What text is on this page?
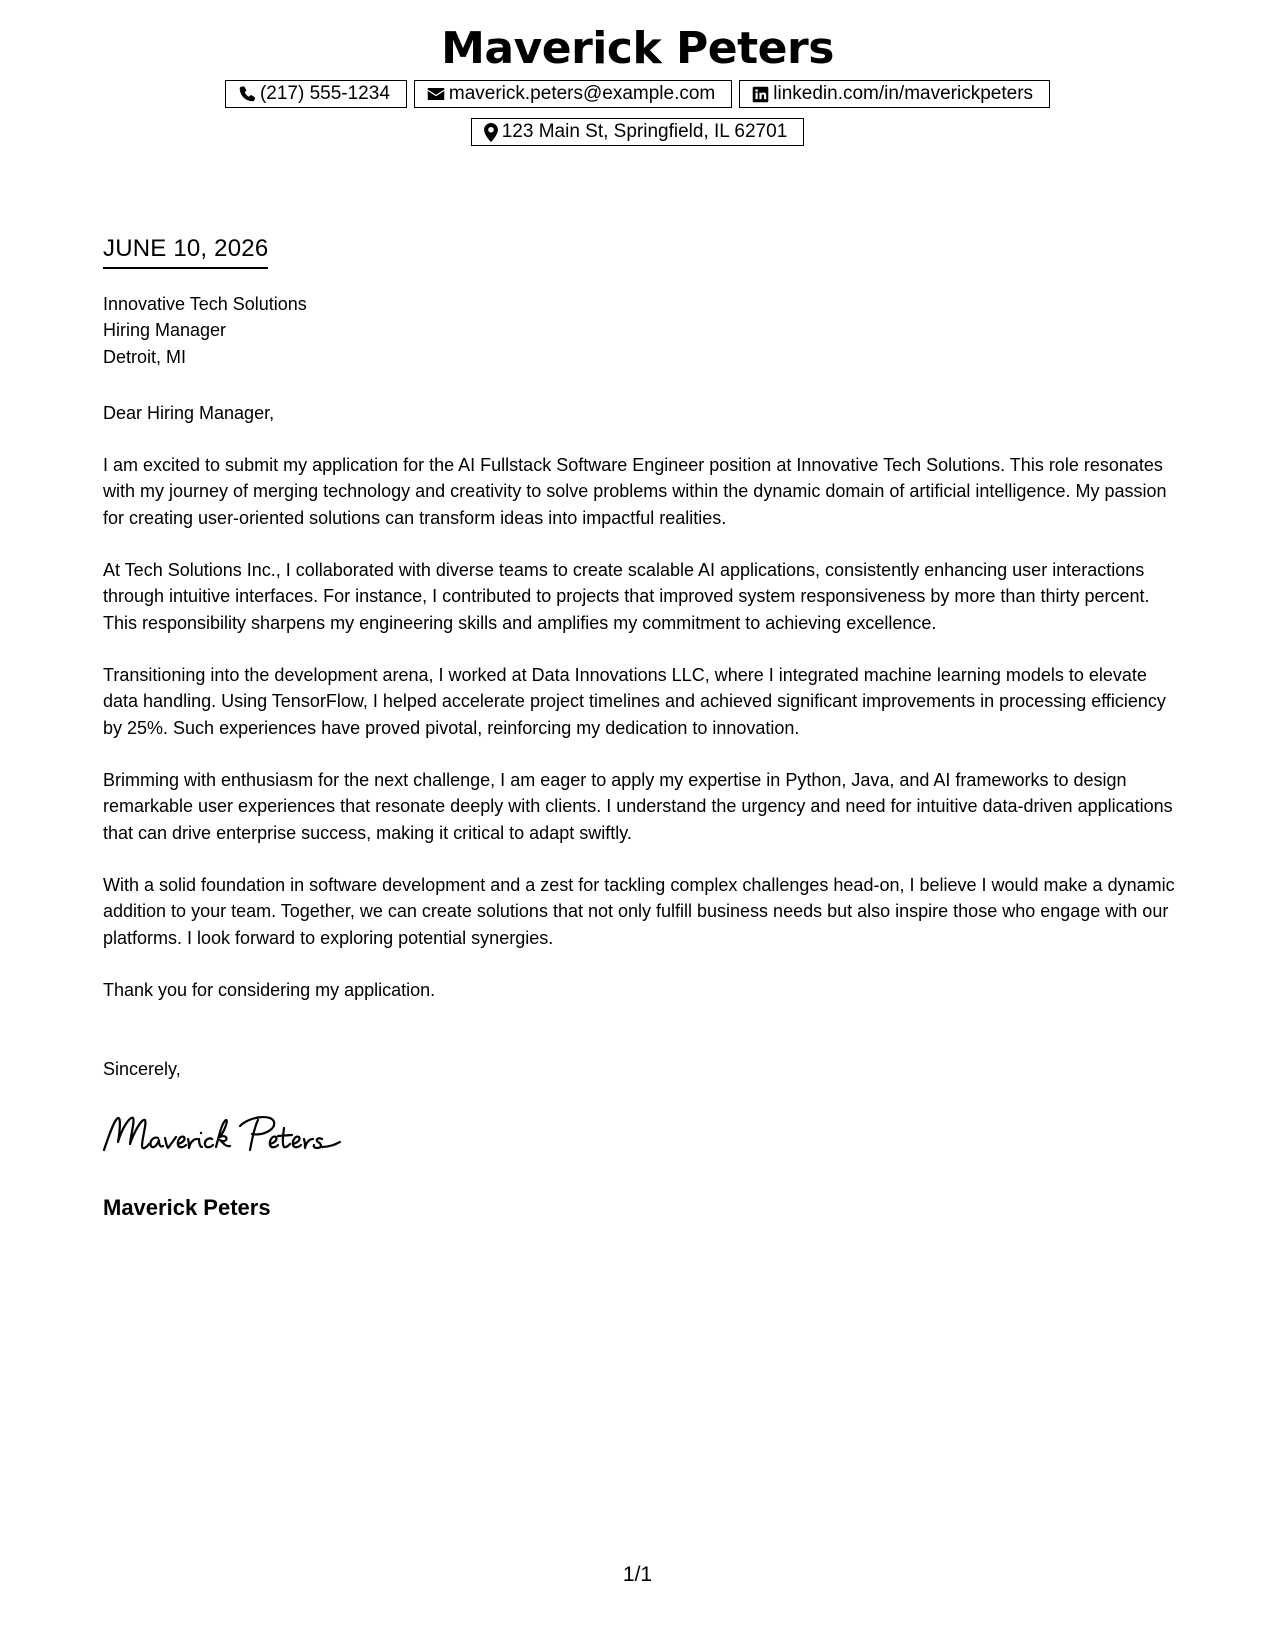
Maverick Peters
(217) 555-1234	maverick.peters@example.com	linkedin.com/in/maverickpeters
123 Main St, Springfield, IL 62701
JUNE 10, 2026
Innovative Tech Solutions
Hiring Manager
Detroit, MI
Dear Hiring Manager,

I am excited to submit my application for the AI Fullstack Software Engineer position at Innovative Tech Solutions. This role resonates with my journey of merging technology and creativity to solve problems within the dynamic domain of artificial intelligence. My passion for creating user-oriented solutions can transform ideas into impactful realities.

At Tech Solutions Inc., I collaborated with diverse teams to create scalable AI applications, consistently enhancing user interactions through intuitive interfaces. For instance, I contributed to projects that improved system responsiveness by more than thirty percent. This responsibility sharpens my engineering skills and amplifies my commitment to achieving excellence.

Transitioning into the development arena, I worked at Data Innovations LLC, where I integrated machine learning models to elevate data handling. Using TensorFlow, I helped accelerate project timelines and achieved significant improvements in processing efficiency by 25%. Such experiences have proved pivotal, reinforcing my dedication to innovation.

Brimming with enthusiasm for the next challenge, I am eager to apply my expertise in Python, Java, and AI frameworks to design remarkable user experiences that resonate deeply with clients. I understand the urgency and need for intuitive data-driven applications that can drive enterprise success, making it critical to adapt swiftly.

With a solid foundation in software development and a zest for tackling complex challenges head-on, I believe I would make a dynamic addition to your team. Together, we can create solutions that not only fulfill business needs but also inspire those who engage with our platforms. I look forward to exploring potential synergies.

Thank you for considering my application.

Sincerely,
Maverick Peters
1/1
